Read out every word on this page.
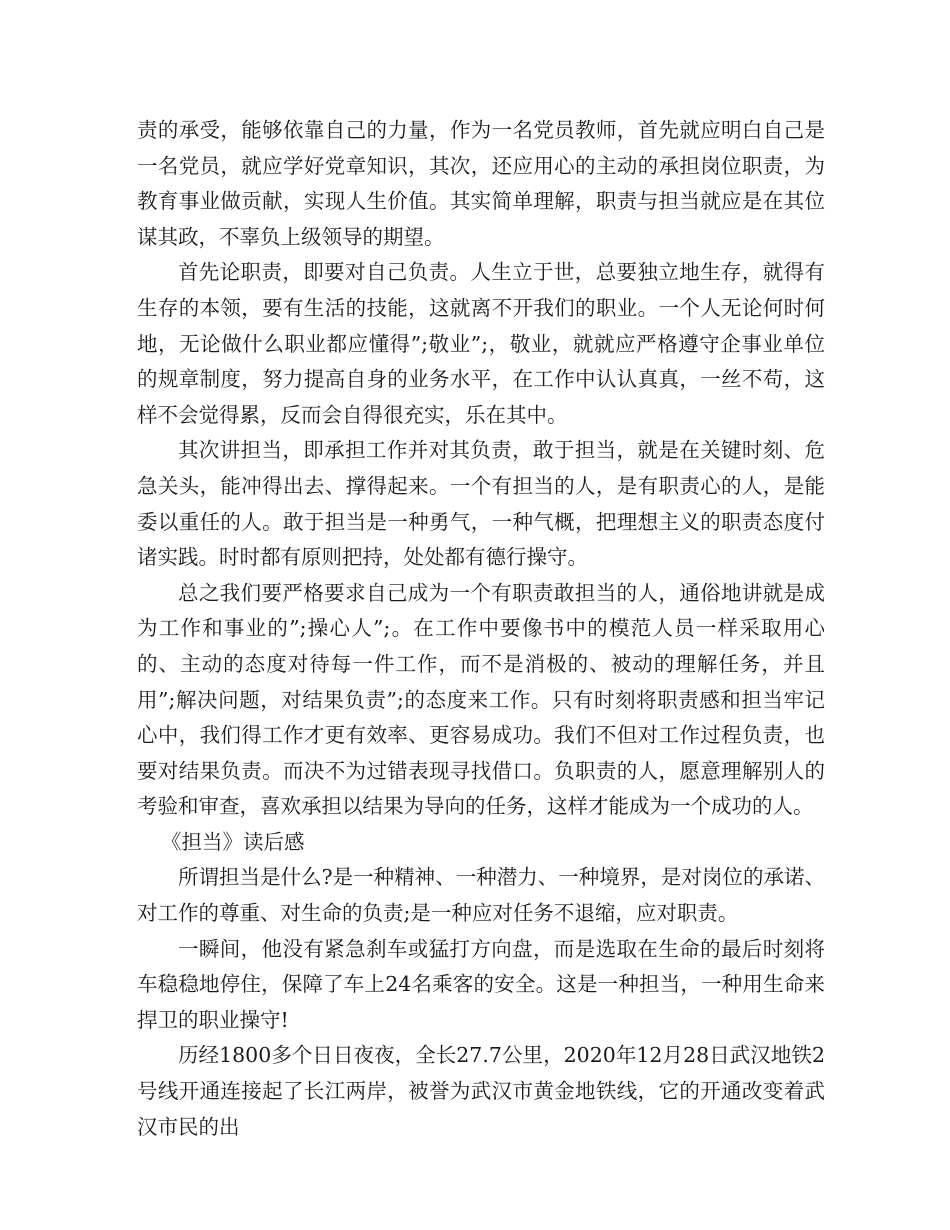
责的承受，能够依靠自己的力量，作为一名党员教师，首先就应明白自己是一名党员，就应学好党章知识，其次，还应用心的主动的承担岗位职责，为教育事业做贡献，实现人生价值。其实简单理解，职责与担当就应是在其位谋其政，不辜负上级领导的期望。

首先论职责，即要对自己负责。人生立于世，总要独立地生存，就得有生存的本领，要有生活的技能，这就离不开我们的职业。一个人无论何时何地，无论做什么职业都应懂得”;敬业”;，敬业，就就应严格遵守企事业单位的规章制度，努力提高自身的业务水平，在工作中认认真真，一丝不苟，这样不会觉得累，反而会自得很充实，乐在其中。

其次讲担当，即承担工作并对其负责，敢于担当，就是在关键时刻、危急关头，能冲得出去、撑得起来。一个有担当的人，是有职责心的人，是能委以重任的人。敢于担当是一种勇气，一种气概，把理想主义的职责态度付诸实践。时时都有原则把持，处处都有德行操守。

总之我们要严格要求自己成为一个有职责敢担当的人，通俗地讲就是成为工作和事业的”;操心人”;。在工作中要像书中的模范人员一样采取用心的、主动的态度对待每一件工作，而不是消极的、被动的理解任务，并且用”;解决问题，对结果负责”;的态度来工作。只有时刻将职责感和担当牢记心中，我们得工作才更有效率、更容易成功。我们不但对工作过程负责，也要对结果负责。而决不为过错表现寻找借口。负职责的人，愿意理解别人的考验和审查，喜欢承担以结果为导向的任务，这样才能成为一个成功的人。

《担当》读后感

所谓担当是什么?是一种精神、一种潜力、一种境界，是对岗位的承诺、对工作的尊重、对生命的负责;是一种应对任务不退缩，应对职责。

一瞬间，他没有紧急刹车或猛打方向盘，而是选取在生命的最后时刻将车稳稳地停住，保障了车上24名乘客的安全。这是一种担当，一种用生命来捍卫的职业操守!

历经1800多个日日夜夜，全长27.7公里，2020年12月28日武汉地铁2号线开通连接起了长江两岸，被誉为武汉市黄金地铁线，它的开通改变着武汉市民的出
